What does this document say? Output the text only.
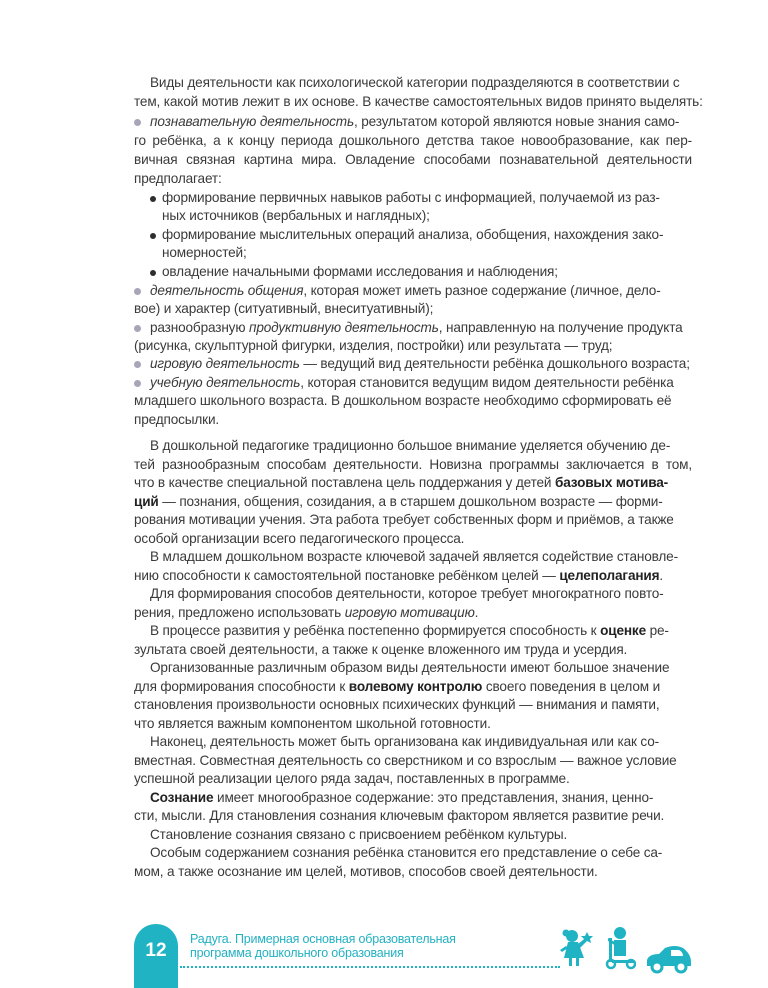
Виды деятельности как психологической категории подразделяются в соответствии с
тем, какой мотив лежит в их основе. В качестве самостоятельных видов принято выделять:
познавательную деятельность, результатом которой являются новые знания само-
го ребёнка, а к концу периода дошкольного детства такое новообразование, как пер-
вичная связная картина мира. Овладение способами познавательной деятельности
предполагает:
формирование первичных навыков работы с информацией, получаемой из раз-
ных источников (вербальных и наглядных);
формирование мыслительных операций анализа, обобщения, нахождения зако-
номерностей;
овладение начальными формами исследования и наблюдения;
деятельность общения, которая может иметь разное содержание (личное, дело-
вое) и характер (ситуативный, внеситуативный);
разнообразную продуктивную деятельность, направленную на получение продукта
(рисунка, скульптурной фигурки, изделия, постройки) или результата — труд;
игровую деятельность — ведущий вид деятельности ребёнка дошкольного возраста;
учебную деятельность, которая становится ведущим видом деятельности ребёнка
младшего школьного возраста. В дошкольном возрасте необходимо сформировать её
предпосылки.
В дошкольной педагогике традиционно большое внимание уделяется обучению де-
тей разнообразным способам деятельности. Новизна программы заключается в том,
что в качестве специальной поставлена цель поддержания у детей базовых мотива-
ций — познания, общения, созидания, а в старшем дошкольном возрасте — форми-
рования мотивации учения. Эта работа требует собственных форм и приёмов, а также
особой организации всего педагогического процесса.
В младшем дошкольном возрасте ключевой задачей является содействие становле-
нию способности к самостоятельной постановке ребёнком целей — целеполагания.
Для формирования способов деятельности, которое требует многократного повто-
рения, предложено использовать игровую мотивацию.
В процессе развития у ребёнка постепенно формируется способность к оценке ре-
зультата своей деятельности, а также к оценке вложенного им труда и усердия.
Организованные различным образом виды деятельности имеют большое значение
для формирования способности к волевому контролю своего поведения в целом и
становления произвольности основных психических функций — внимания и памяти,
что является важным компонентом школьной готовности.
Наконец, деятельность может быть организована как индивидуальная или как со-
вместная. Совместная деятельность со сверстником и со взрослым — важное условие
успешной реализации целого ряда задач, поставленных в программе.
Сознание имеет многообразное содержание: это представления, знания, ценно-
сти, мысли. Для становления сознания ключевым фактором является развитие речи.
Становление сознания связано с присвоением ребёнком культуры.
Особым содержанием сознания ребёнка становится его представление о себе са-
мом, а также осознание им целей, мотивов, способов своей деятельности.
12
Радуга. Примерная основная образовательная
программа дошкольного образования
